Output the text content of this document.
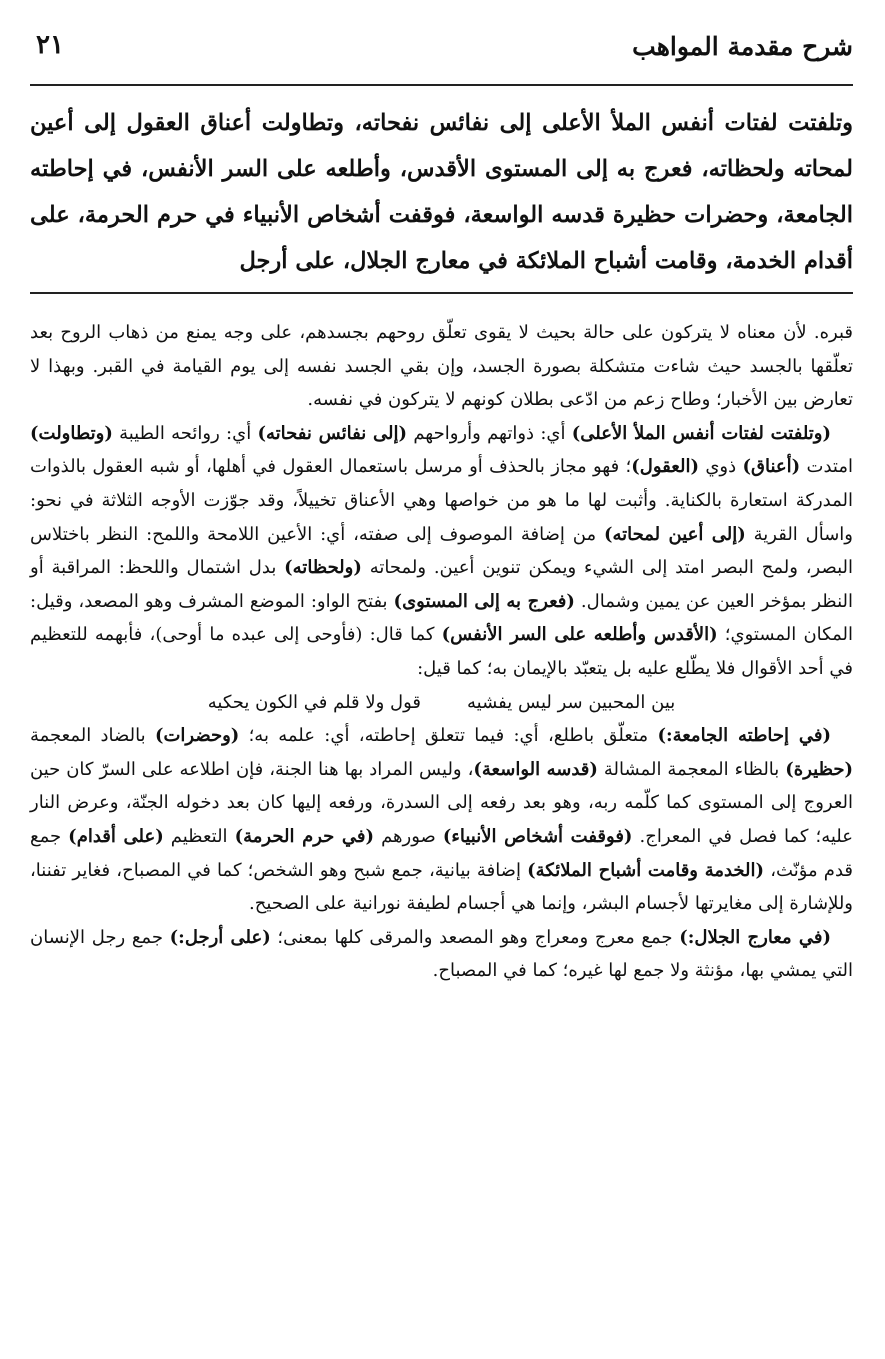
شرح مقدمة المواهب
٢١

وتلفتت لفتات أنفس الملأ الأعلى إلى نفائس نفحاته، وتطاولت أعناق العقول إلى أعين لمحاته ولحظاته، فعرج به إلى المستوى الأقدس، وأطلعه على السر الأنفس، في إحاطته الجامعة، وحضرات حظيرة قدسه الواسعة، فوقفت أشخاص الأنبياء في حرم الحرمة، على أقدام الخدمة، وقامت أشباح الملائكة في معارج الجلال، على أرجل

قبره. لأن معناه لا يتركون على حالة بحيث لا يقوى تعلّق روحهم بجسدهم، على وجه يمنع من ذهاب الروح بعد تعلّقها بالجسد حيث شاءت متشكلة بصورة الجسد، وإن بقي الجسد نفسه إلى يوم القيامة في القبر. وبهذا لا تعارض بين الأخبار؛ وطاح زعم من ادّعى بطلان كونهم لا يتركون في نفسه.

(وتلفتت لفتات أنفس الملأ الأعلى) أي: ذواتهم وأرواحهم (إلى نفائس نفحاته) أي: روائحه الطيبة (وتطاولت) امتدت (أعناق) ذوي (العقول)؛ فهو مجاز بالحذف أو مرسل باستعمال العقول في أهلها، أو شبه العقول بالذوات المدركة استعارة بالكناية. وأثبت لها ما هو من خواصها وهي الأعناق تخييلاً، وقد جوّزت الأوجه الثلاثة في نحو: واسأل القرية (إلى أعين لمحاته) من إضافة الموصوف إلى صفته، أي: الأعين اللامحة واللمح: النظر باختلاس البصر، ولمح البصر امتد إلى الشيء ويمكن تنوين أعين. ولمحاته (ولحظاته) بدل اشتمال واللحظ: المراقبة أو النظر بمؤخر العين عن يمين وشمال. (فعرج به إلى المستوى) بفتح الواو: الموضع المشرف وهو المصعد، وقيل: المكان المستوي؛ (الأقدس وأطلعه على السر الأنفس) كما قال: (فأوحى إلى عبده ما أوحى)، فأبهمه للتعظيم في أحد الأقوال فلا يطّلع عليه بل يتعبّد بالإيمان به؛ كما قيل:

بين المحبين سر ليس يفشيه
قول ولا قلم في الكون يحكيه

(في إحاطته الجامعة:) متعلّق باطلع، أي: فيما تتعلق إحاطته، أي: علمه به؛ (وحضرات) بالضاد المعجمة (حظيرة) بالظاء المعجمة المشالة (قدسه الواسعة)، وليس المراد بها هنا الجنة، فإن اطلاعه على السرّ كان حين العروج إلى المستوى كما كلّمه ربه، وهو بعد رفعه إلى السدرة، ورفعه إليها كان بعد دخوله الجنّة، وعرض النار عليه؛ كما فصل في المعراج. (فوقفت أشخاص الأنبياء) صورهم (في حرم الحرمة) التعظيم (على أقدام) جمع قدم مؤنّث، (الخدمة وقامت أشباح الملائكة) إضافة بيانية، جمع شبح وهو الشخص؛ كما في المصباح، فغاير تفننا، وللإشارة إلى مغايرتها لأجسام البشر، وإنما هي أجسام لطيفة نورانية على الصحيح.

(في معارج الجلال:) جمع معرج ومعراج وهو المصعد والمرقى كلها بمعنى؛ (على أرجل:) جمع رجل الإنسان التي يمشي بها، مؤنثة ولا جمع لها غيره؛ كما في المصباح.
